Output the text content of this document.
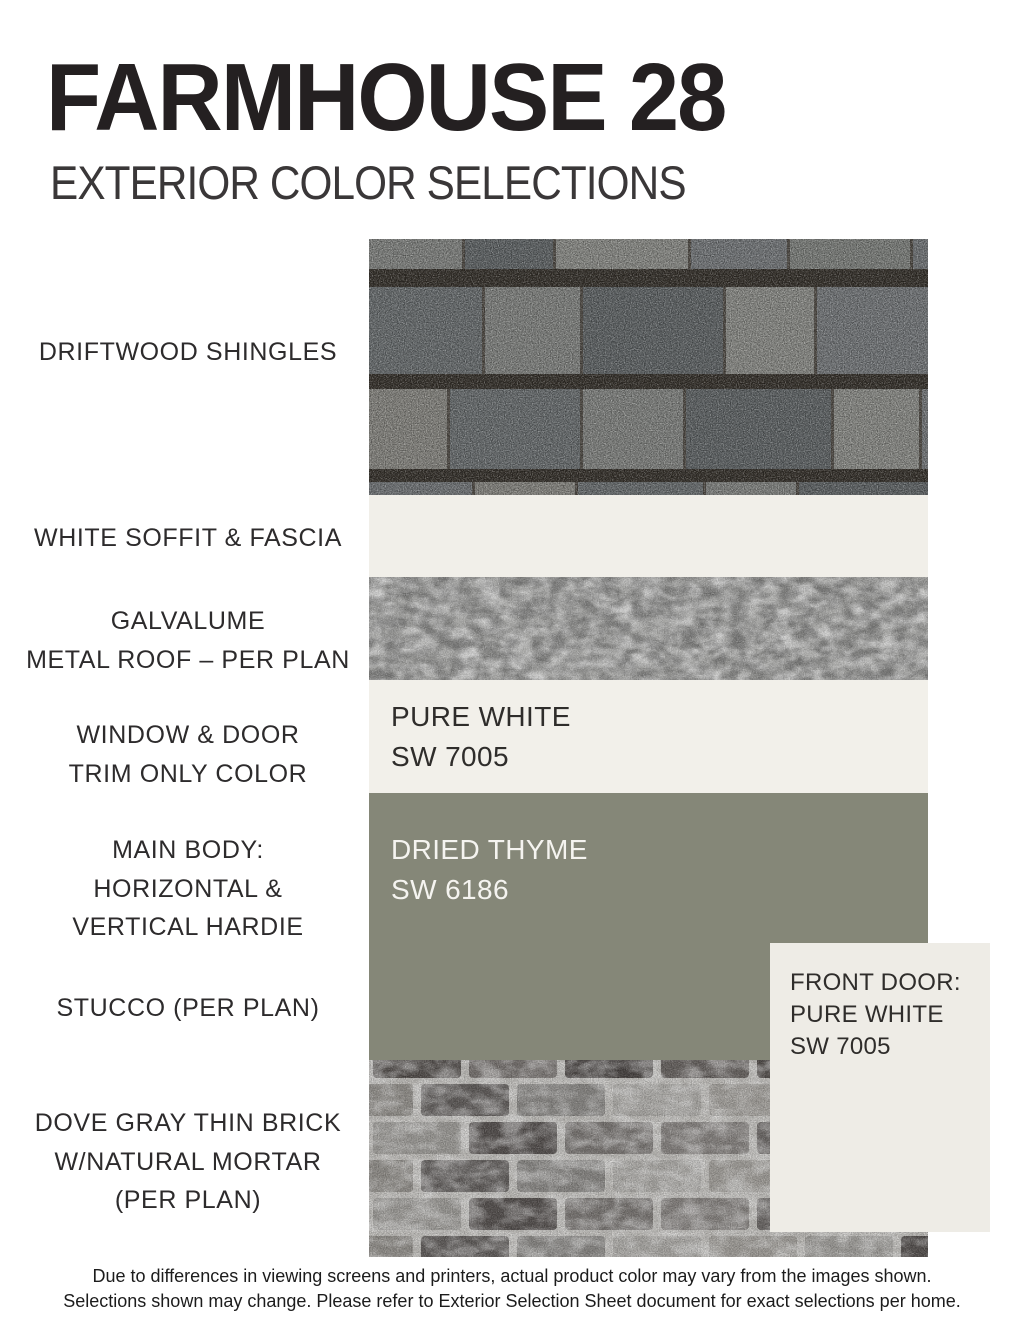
FARMHOUSE 28
EXTERIOR COLOR SELECTIONS
DRIFTWOOD SHINGLES
WHITE SOFFIT & FASCIA
GALVALUME
METAL ROOF – PER PLAN
WINDOW & DOOR
TRIM ONLY COLOR
MAIN BODY:
HORIZONTAL &
VERTICAL HARDIE
STUCCO (PER PLAN)
DOVE GRAY THIN BRICK
W/NATURAL MORTAR
(PER PLAN)
PURE WHITE
SW 7005
DRIED THYME
SW 6186
FRONT DOOR:
PURE WHITE
SW 7005
Due to differences in viewing screens and printers, actual product color may vary from the images shown.
Selections shown may change. Please refer to Exterior Selection Sheet document for exact selections per home.
